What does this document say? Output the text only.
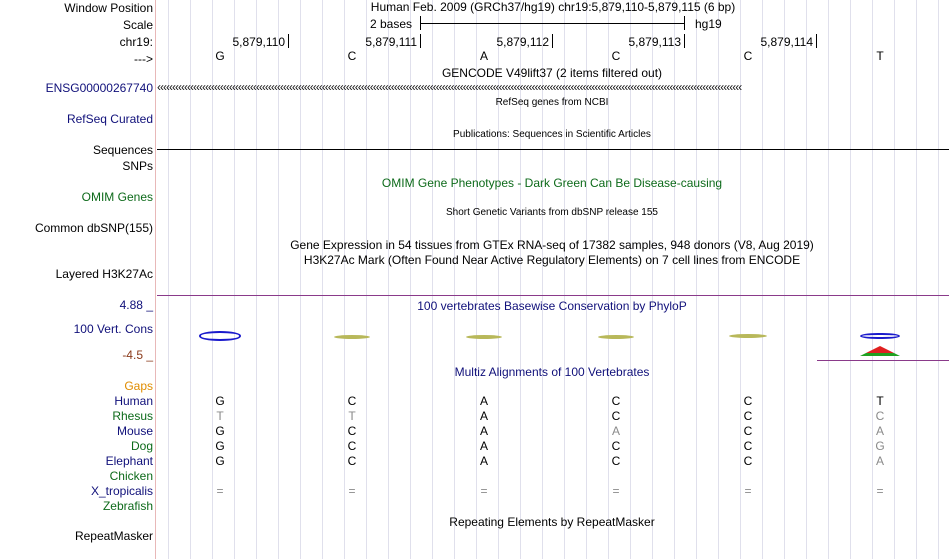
Window Position
Scale
chr19:
--->
Human Feb. 2009 (GRCh37/hg19) chr19:5,879,110-5,879,115 (6 bp)
2 bases	hg19
5,879,110	5,879,111	5,879,112	5,879,113	5,879,114
G	C	A	C	C	T
GENCODE V49lift37 (2 items filtered out)
ENSG00000267740 ‹‹‹‹‹‹‹‹‹‹‹‹‹‹‹‹‹‹‹‹‹‹‹‹‹‹‹‹‹‹‹‹‹‹‹‹‹‹‹‹‹‹‹‹‹‹‹‹‹‹‹‹‹‹‹‹‹‹‹‹‹‹‹‹‹‹‹‹‹‹‹‹‹‹‹‹‹‹‹‹‹‹‹‹‹‹‹‹‹‹‹‹‹‹‹‹‹‹‹‹‹‹‹‹‹‹‹‹‹‹‹‹‹‹‹‹‹‹‹‹‹‹‹‹‹‹‹‹‹‹‹‹‹‹‹‹‹‹‹‹‹‹‹‹‹‹‹‹‹‹‹‹‹‹‹‹‹‹‹‹‹‹‹‹‹‹‹‹‹‹‹‹‹‹‹‹‹‹‹‹‹‹‹‹‹‹‹‹‹‹‹‹‹‹‹
RefSeq genes from NCBI
RefSeq Curated
Publications: Sequences in Scientific Articles
Sequences
SNPs
OMIM Gene Phenotypes - Dark Green Can Be Disease-causing
OMIM Genes
Short Genetic Variants from dbSNP release 155
Common dbSNP(155)
Gene Expression in 54 tissues from GTEx RNA-seq of 17382 samples, 948 donors (V8, Aug 2019)
H3K27Ac Mark (Often Found Near Active Regulatory Elements) on 7 cell lines from ENCODE
Layered H3K27Ac
4.88 _	100 vertebrates Basewise Conservation by PhyloP
100 Vert. Cons
-4.5 _
Multiz Alignments of 100 Vertebrates
Gaps
Human	G	C	A	C	C	T
Rhesus	T	T	A	C	C	C
Mouse	G	C	A	A	C	A
Dog	G	C	A	C	C	G
Elephant	G	C	A	C	C	A
Chicken
X_tropicalis	=	=	=	=	=	=
Zebrafish
Repeating Elements by RepeatMasker
RepeatMasker
